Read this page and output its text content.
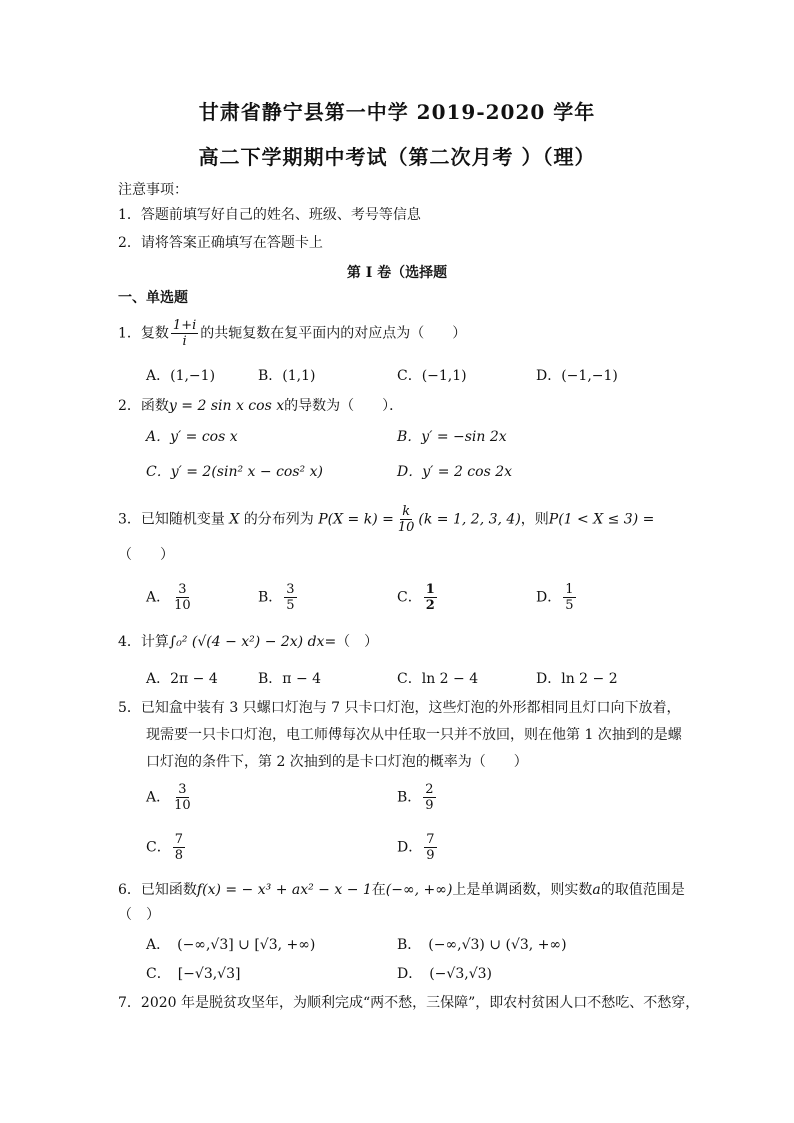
甘肃省静宁县第一中学 2019-2020 学年
高二下学期期中考试（第二次月考 ）（理）
注意事项：
1．答题前填写好自己的姓名、班级、考号等信息
2．请将答案正确填写在答题卡上
第 I 卷（选择题
一、单选题
1．复数 $\frac{1+i}{i}$ 的共轭复数在复平面内的对应点为（　　）
A．(1,−1)	B．(1,1)	C．(−1,1)	D．(−1,−1)
2．函数y = 2 sin x cos x的导数为（　　）．
A．y′ = cos x	B．y′ = −sin 2x
C．y′ = 2(sin² x − cos² x)	D．y′ = 2 cos 2x
3．已知随机变量 X 的分布列为 $P(X = k) = \frac{k}{10} (k = 1$, 2, 3, 4)，则P(1 < X ≤ 3) =
（　　）
A． $\frac{3}{10}$	B． $\frac{3}{5}$	C． $\frac{1}{2}$	D． $\frac{1}{5}$
4．计算∫₀² (√(4 − x²) − 2x) dx=（　）
A．2π − 4	B．π − 4	C．ln 2 − 4	D．ln 2 − 2
5．已知盒中装有 3 只螺口灯泡与 7 只卡口灯泡，这些灯泡的外形都相同且灯口向下放着，
现需要一只卡口灯泡，电工师傅每次从中任取一只并不放回，则在他第 1 次抽到的是螺
口灯泡的条件下，第 2 次抽到的是卡口灯泡的概率为（　　）
A． $\frac{3}{10}$	B． $\frac{2}{9}$
C． $\frac{7}{8}$	D． $\frac{7}{9}$
6．已知函数f(x) = − x³ + ax² − x − 1在(−∞, +∞)上是单调函数，则实数a的取值范围是
（　）
A．　(−∞,√3] ∪ [√3, +∞)	B．　(−∞,√3) ∪ (√3, +∞)
C．　[−√3,√3]	D．　(−√3,√3)
7．2020 年是脱贫攻坚年，为顺利完成“两不愁，三保障”，即农村贫困人口不愁吃、不愁穿，
